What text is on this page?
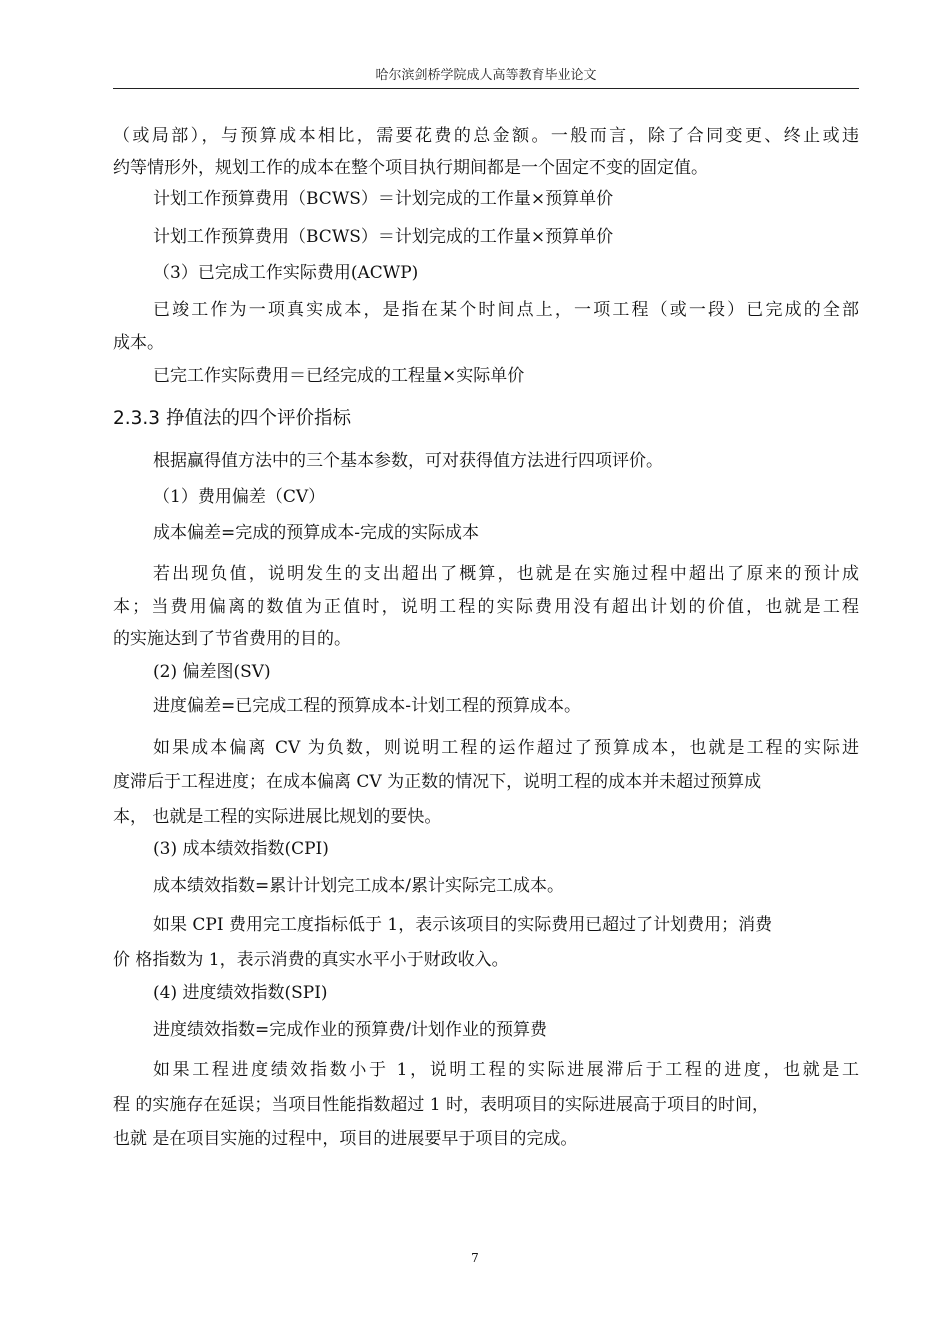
哈尔滨剑桥学院成人高等教育毕业论文
（或局部），与预算成本相比，需要花费的总金额。一般而言，除了合同变更、终止或违
约等情形外，规划工作的成本在整个项目执行期间都是一个固定不变的固定值。
计划工作预算费用（BCWS）＝计划完成的工作量×预算单价
计划工作预算费用（BCWS）＝计划完成的工作量×预算单价
（3）已完成工作实际费用(ACWP)
已竣工作为一项真实成本，是指在某个时间点上，一项工程（或一段）已完成的全部
成本。
已完工作实际费用＝已经完成的工程量×实际单价
2.3.3 挣值法的四个评价指标
根据赢得值方法中的三个基本参数，可对获得值方法进行四项评价。
（1）费用偏差（CV）
成本偏差=完成的预算成本-完成的实际成本
若出现负值，说明发生的支出超出了概算，也就是在实施过程中超出了原来的预计成
本；当费用偏离的数值为正值时，说明工程的实际费用没有超出计划的价值，也就是工程
的实施达到了节省费用的目的。
(2) 偏差图(SV)
进度偏差=已完成工程的预算成本-计划工程的预算成本。
如果成本偏离 CV 为负数，则说明工程的运作超过了预算成本，也就是工程的实际进
度滞后于工程进度；在成本偏离 CV 为正数的情况下，说明工程的成本并未超过预算成
本， 也就是工程的实际进展比规划的要快。
(3) 成本绩效指数(CPI)
成本绩效指数=累计计划完工成本/累计实际完工成本。
如果 CPI 费用完工度指标低于 1，表示该项目的实际费用已超过了计划费用；消费
价 格指数为 1，表示消费的真实水平小于财政收入。
(4) 进度绩效指数(SPI)
进度绩效指数=完成作业的预算费/计划作业的预算费
如果工程进度绩效指数小于 1，说明工程的实际进展滞后于工程的进度，也就是工
程 的实施存在延误；当项目性能指数超过 1 时，表明项目的实际进展高于项目的时间，
也就 是在项目实施的过程中，项目的进展要早于项目的完成。
7
